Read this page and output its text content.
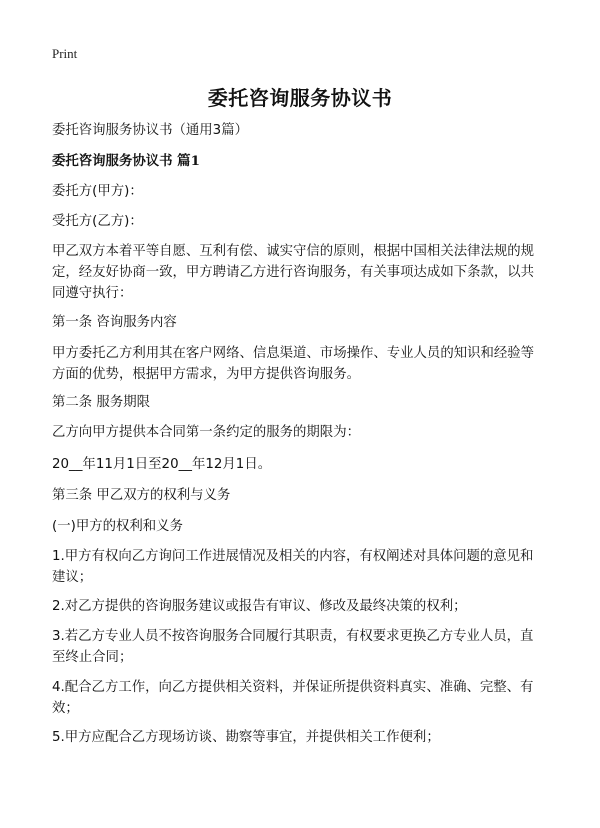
Print
委托咨询服务协议书
委托咨询服务协议书（通用3篇）
委托咨询服务协议书 篇1
委托方(甲方)：
受托方(乙方)：
甲乙双方本着平等自愿、互利有偿、诚实守信的原则，根据中国相关法律法规的规
定，经友好协商一致，甲方聘请乙方进行咨询服务，有关事项达成如下条款，以共
同遵守执行：
第一条 咨询服务内容
甲方委托乙方利用其在客户网络、信息渠道、市场操作、专业人员的知识和经验等
方面的优势，根据甲方需求，为甲方提供咨询服务。
第二条 服务期限
乙方向甲方提供本合同第一条约定的服务的期限为：
20__年11月1日至20__年12月1日。
第三条 甲乙双方的权利与义务
(一)甲方的权利和义务
1.甲方有权向乙方询问工作进展情况及相关的内容，有权阐述对具体问题的意见和
建议；
2.对乙方提供的咨询服务建议或报告有审议、修改及最终决策的权利；
3.若乙方专业人员不按咨询服务合同履行其职责，有权要求更换乙方专业人员，直
至终止合同；
4.配合乙方工作，向乙方提供相关资料，并保证所提供资料真实、准确、完整、有
效；
5.甲方应配合乙方现场访谈、勘察等事宜，并提供相关工作便利；
